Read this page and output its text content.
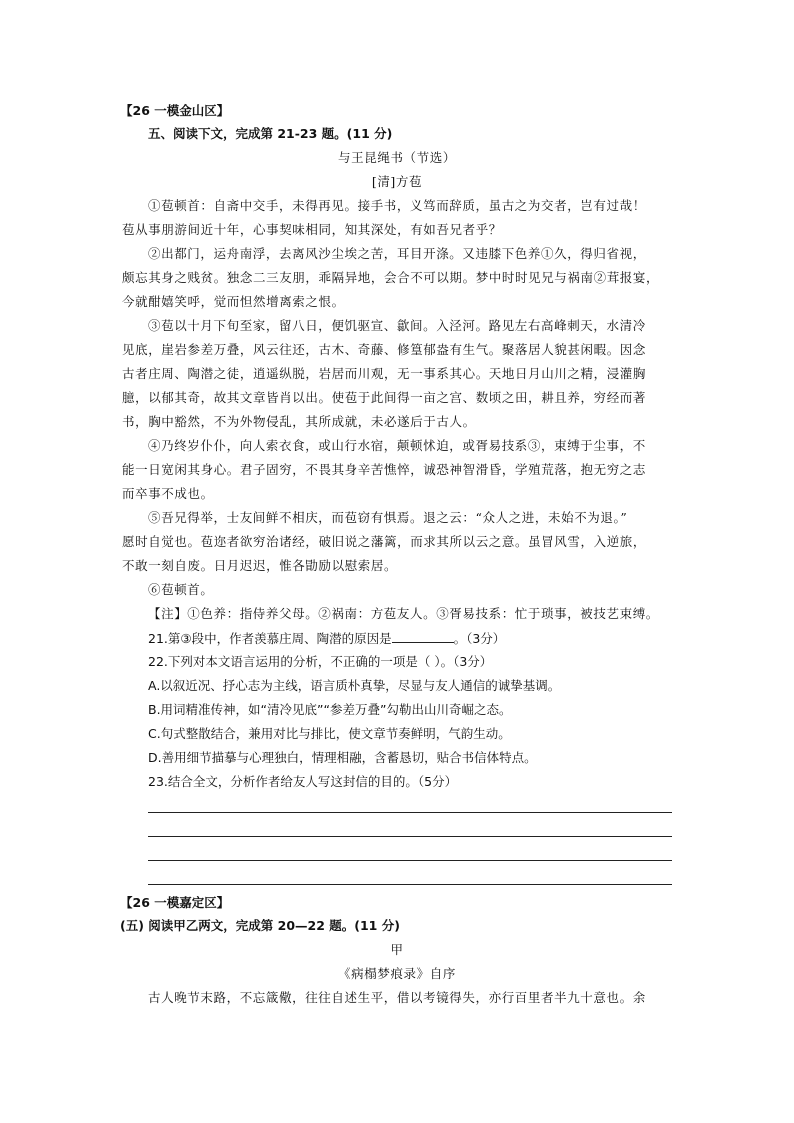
【26 一模金山区】
五、阅读下文，完成第 21-23 题。(11 分)
与王昆绳书（节选）
[清]方苞
①苞顿首：自斋中交手，未得再见。接手书，义笃而辞质，虽古之为交者，岂有过哉！
苞从事朋游间近十年，心事契味相同，知其深处，有如吾兄者乎？
②出都门，运舟南浮，去离风沙尘埃之苦，耳目开涤。又违膝下色养①久，得归省视，
颇忘其身之贱贫。独念二三友朋，乖隔异地，会合不可以期。梦中时时见兄与祸南②茸报宴，
今就酣嬉笑呼，觉而怛然增离索之恨。
③苞以十月下旬至家，留八日，便饥驱宣、歙间。入泾河。路见左右高峰刺天，水清冷
见底，崖岩参差万叠，风云往还，古木、奇藤、修篁郁盎有生气。聚落居人貌甚闲暇。因念
古者庄周、陶潜之徒，逍遥纵脱，岩居而川观，无一事系其心。天地日月山川之精，浸灌胸
臆，以郁其奇，故其文章皆肖以出。使苞于此间得一亩之宫、数顷之田，耕且养，穷经而著
书，胸中豁然，不为外物侵乱，其所成就，未必遂后于古人。
④乃终岁仆仆，向人索衣食，或山行水宿，颠顿怵迫，或胥易技系③，束缚于尘事，不
能一日宽闲其身心。君子固穷，不畏其身辛苦憔悴，诚恐神智滑昏，学殖荒落，抱无穷之志
而卒事不成也。
⑤吾兄得举，士友间鲜不相庆，而苞窃有惧焉。退之云：“众人之进，未始不为退。”
愿时自觉也。苞迩者欲穷治诸经，破旧说之藩篱，而求其所以云之意。虽冒风雪，入逆旅，
不敢一刻自废。日月迟迟，惟各勖励以慰索居。
⑥苞顿首。
【注】①色养：指侍养父母。②祸南：方苞友人。③胥易技系：忙于琐事，被技艺束缚。
21.第③段中，作者羡慕庄周、陶潜的原因是	。（3分）
22.下列对本文语言运用的分析，不正确的一项是（ ）。（3分）
A.以叙近况、抒心志为主线，语言质朴真挚，尽显与友人通信的诚挚基调。
B.用词精准传神，如“清冷见底”“参差万叠”勾勒出山川奇崛之态。
C.句式整散结合，兼用对比与排比，使文章节奏鲜明，气韵生动。
D.善用细节描摹与心理独白，情理相融，含蓄恳切，贴合书信体特点。
23.结合全文，分析作者给友人写这封信的目的。（5分）
【26 一模嘉定区】
(五) 阅读甲乙两文，完成第 20—22 题。(11 分)
甲
《病榻梦痕录》自序
古人晚节末路，不忘箴儆，往往自述生平，借以考镜得失，亦行百里者半九十意也。余
